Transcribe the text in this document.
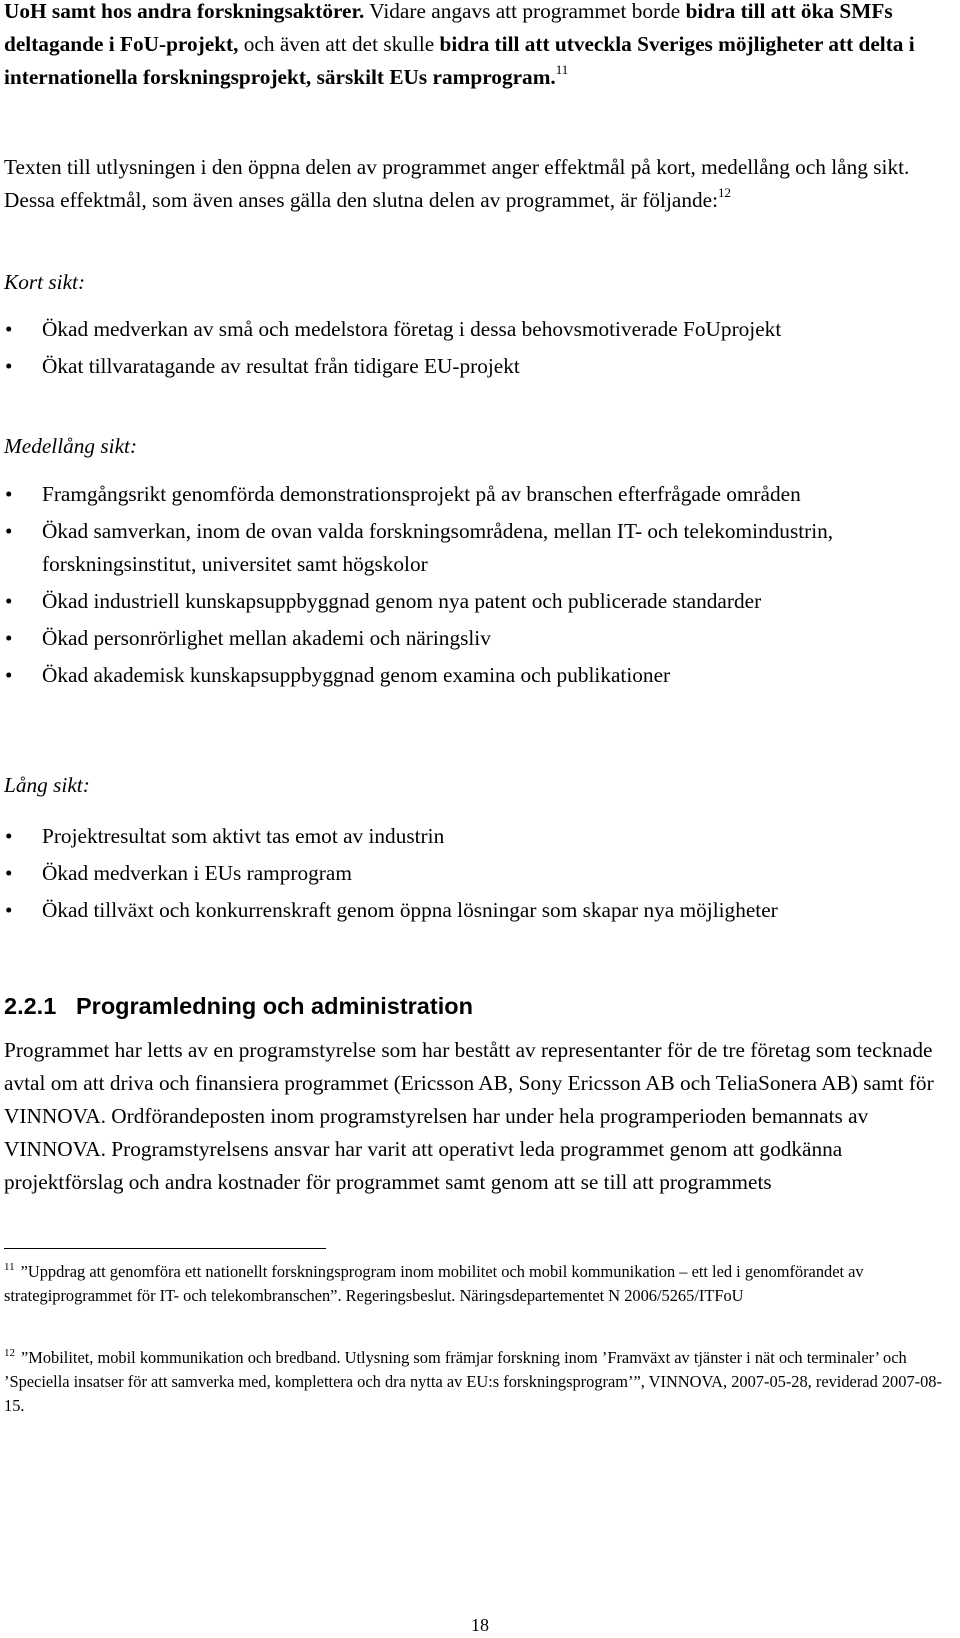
UoH samt hos andra forskningsaktörer. Vidare angavs att programmet borde bidra till att öka SMFs deltagande i FoU-projekt, och även att det skulle bidra till att utveckla Sveriges möjligheter att delta i internationella forskningsprojekt, särskilt EUs ramprogram.$^{11}$

Texten till utlysningen i den öppna delen av programmet anger effektmål på kort, medellång och lång sikt. Dessa effektmål, som även anses gälla den slutna delen av programmet, är följande:$^{12}$

Kort sikt:

• Ökad medverkan av små och medelstora företag i dessa behovsmotiverade FoUprojekt
• Ökat tillvaratagande av resultat från tidigare EU-projekt

Medellång sikt:

• Framgångsrikt genomförda demonstrationsprojekt på av branschen efterfrågade områden
• Ökad samverkan, inom de ovan valda forskningsområdena, mellan IT- och telekomindustrin, forskningsinstitut, universitet samt högskolor
• Ökad industriell kunskapsuppbyggnad genom nya patent och publicerade standarder
• Ökad personrörlighet mellan akademi och näringsliv
• Ökad akademisk kunskapsuppbyggnad genom examina och publikationer

Lång sikt:

• Projektresultat som aktivt tas emot av industrin
• Ökad medverkan i EUs ramprogram
• Ökad tillväxt och konkurrenskraft genom öppna lösningar som skapar nya möjligheter
2.2.1 Programledning och administration

Programmet har letts av en programstyrelse som har bestått av representanter för de tre företag som tecknade avtal om att driva och finansiera programmet (Ericsson AB, Sony Ericsson AB och TeliaSonera AB) samt för VINNOVA. Ordförandeposten inom programstyrelsen har under hela programperioden bemannats av VINNOVA. Programstyrelsens ansvar har varit att operativt leda programmet genom att godkänna projektförslag och andra kostnader för programmet samt genom att se till att programmets

$^{11}$ ”Uppdrag att genomföra ett nationellt forskningsprogram inom mobilitet och mobil kommunikation – ett led i genomförandet av strategiprogrammet för IT- och telekombranschen”. Regeringsbeslut. Näringsdepartementet N 2006/5265/ITFoU

$^{12}$ ”Mobilitet, mobil kommunikation och bredband. Utlysning som främjar forskning inom ’Framväxt av tjänster i nät och terminaler’ och ’Speciella insatser för att samverka med, komplettera och dra nytta av EU:s forskningsprogram’”, VINNOVA, 2007-05-28, reviderad 2007-08-15.

18
